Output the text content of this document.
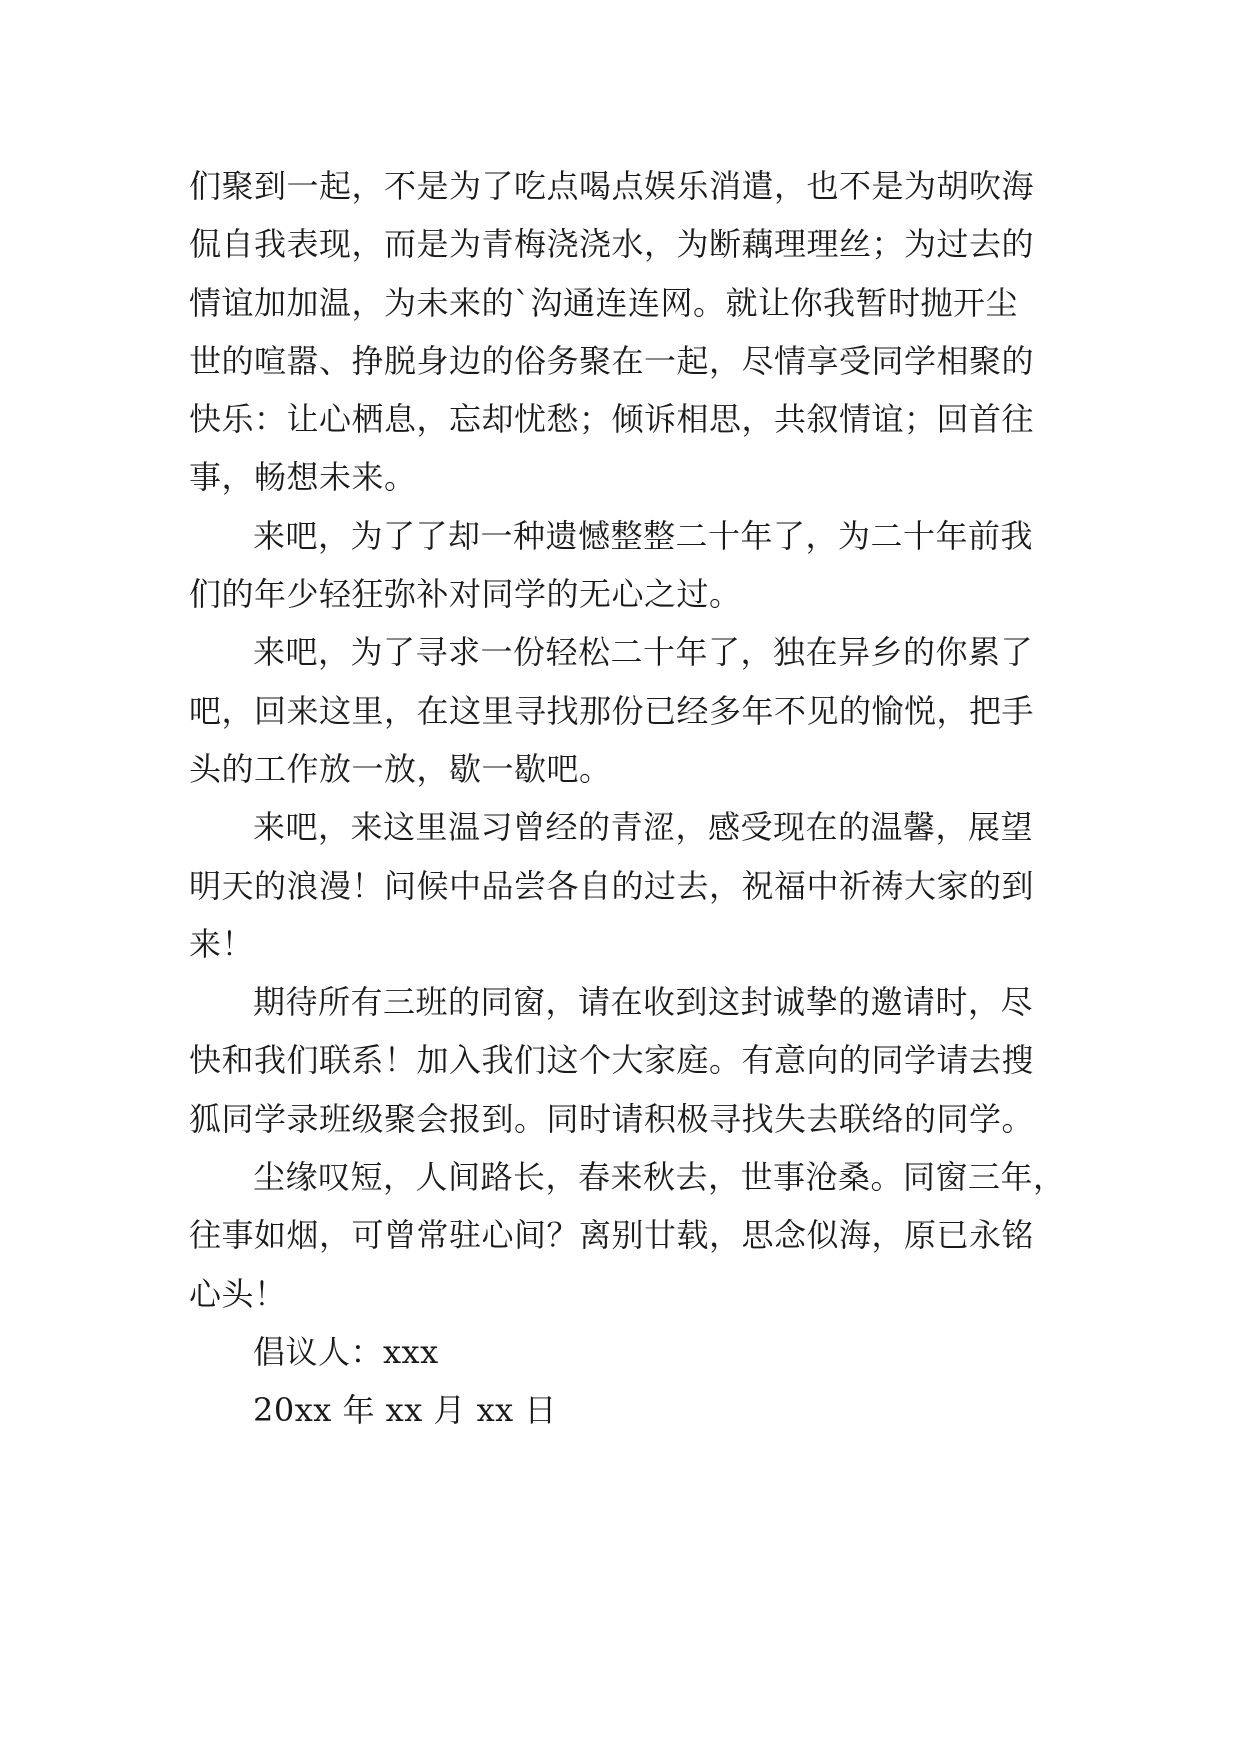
们聚到一起，不是为了吃点喝点娱乐消遣，也不是为胡吹海
侃自我表现，而是为青梅浇浇水，为断藕理理丝；为过去的
情谊加加温，为未来的`沟通连连网。就让你我暂时抛开尘
世的喧嚣、挣脱身边的俗务聚在一起，尽情享受同学相聚的
快乐：让心栖息，忘却忧愁；倾诉相思，共叙情谊；回首往
事，畅想未来。
来吧，为了了却一种遗憾整整二十年了，为二十年前我
们的年少轻狂弥补对同学的无心之过。
来吧，为了寻求一份轻松二十年了，独在异乡的你累了
吧，回来这里，在这里寻找那份已经多年不见的愉悦，把手
头的工作放一放，歇一歇吧。
来吧，来这里温习曾经的青涩，感受现在的温馨，展望
明天的浪漫！问候中品尝各自的过去，祝福中祈祷大家的到
来！
期待所有三班的同窗，请在收到这封诚挚的邀请时，尽
快和我们联系！加入我们这个大家庭。有意向的同学请去搜
狐同学录班级聚会报到。同时请积极寻找失去联络的同学。
尘缘叹短，人间路长，春来秋去，世事沧桑。同窗三年，
往事如烟，可曾常驻心间？离别廿载，思念似海，原已永铭
心头！
倡议人：xxx
20xx 年 xx 月 xx 日
